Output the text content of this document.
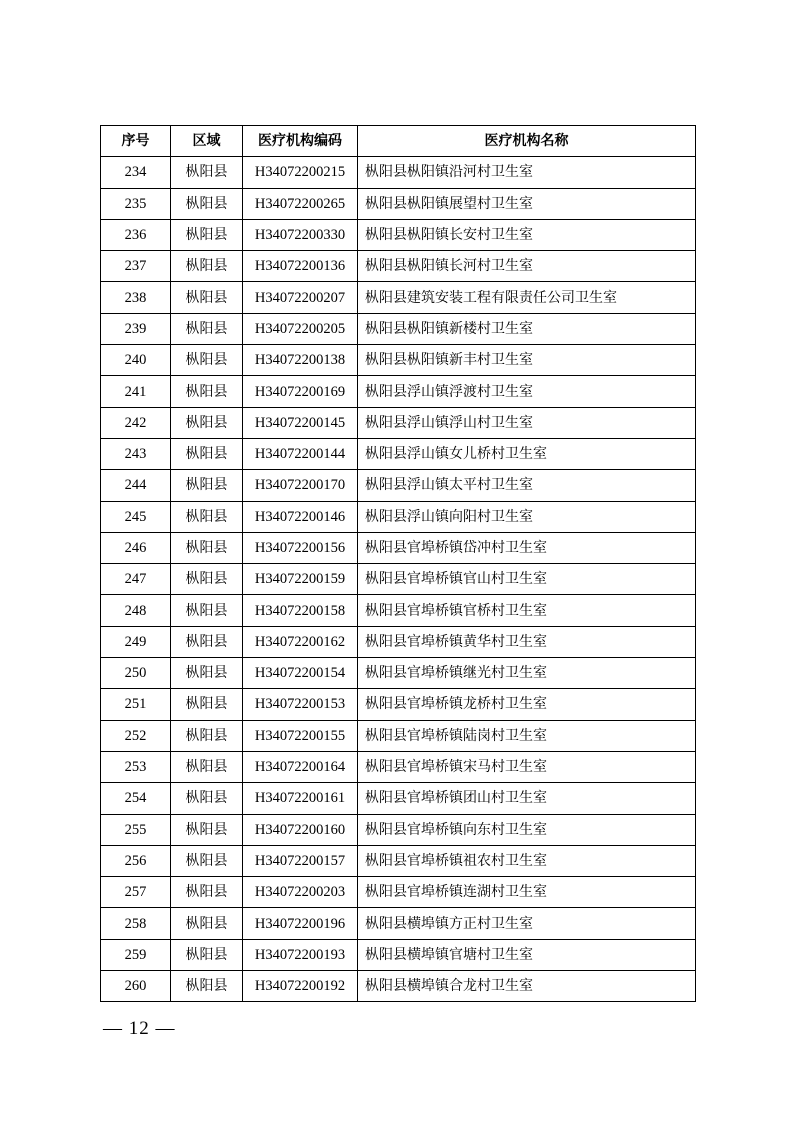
序号	区域	医疗机构编码	医疗机构名称
234	枞阳县	H34072200215	枞阳县枞阳镇沿河村卫生室
235	枞阳县	H34072200265	枞阳县枞阳镇展望村卫生室
236	枞阳县	H34072200330	枞阳县枞阳镇长安村卫生室
237	枞阳县	H34072200136	枞阳县枞阳镇长河村卫生室
238	枞阳县	H34072200207	枞阳县建筑安装工程有限责任公司卫生室
239	枞阳县	H34072200205	枞阳县枞阳镇新楼村卫生室
240	枞阳县	H34072200138	枞阳县枞阳镇新丰村卫生室
241	枞阳县	H34072200169	枞阳县浮山镇浮渡村卫生室
242	枞阳县	H34072200145	枞阳县浮山镇浮山村卫生室
243	枞阳县	H34072200144	枞阳县浮山镇女儿桥村卫生室
244	枞阳县	H34072200170	枞阳县浮山镇太平村卫生室
245	枞阳县	H34072200146	枞阳县浮山镇向阳村卫生室
246	枞阳县	H34072200156	枞阳县官埠桥镇岱冲村卫生室
247	枞阳县	H34072200159	枞阳县官埠桥镇官山村卫生室
248	枞阳县	H34072200158	枞阳县官埠桥镇官桥村卫生室
249	枞阳县	H34072200162	枞阳县官埠桥镇黄华村卫生室
250	枞阳县	H34072200154	枞阳县官埠桥镇继光村卫生室
251	枞阳县	H34072200153	枞阳县官埠桥镇龙桥村卫生室
252	枞阳县	H34072200155	枞阳县官埠桥镇陆岗村卫生室
253	枞阳县	H34072200164	枞阳县官埠桥镇宋马村卫生室
254	枞阳县	H34072200161	枞阳县官埠桥镇团山村卫生室
255	枞阳县	H34072200160	枞阳县官埠桥镇向东村卫生室
256	枞阳县	H34072200157	枞阳县官埠桥镇祖农村卫生室
257	枞阳县	H34072200203	枞阳县官埠桥镇连湖村卫生室
258	枞阳县	H34072200196	枞阳县横埠镇方正村卫生室
259	枞阳县	H34072200193	枞阳县横埠镇官塘村卫生室
260	枞阳县	H34072200192	枞阳县横埠镇合龙村卫生室
— 12 —
